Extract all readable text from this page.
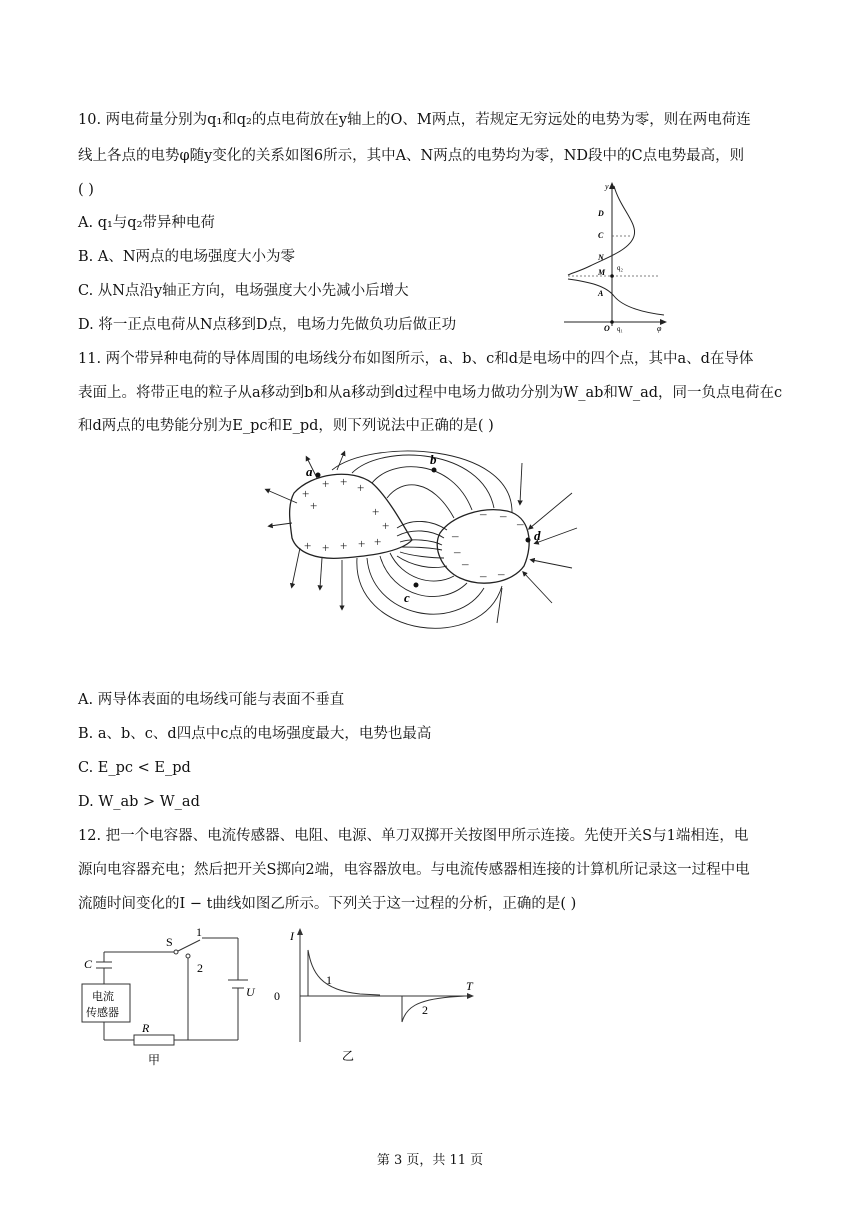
10. 两电荷量分别为q₁和q₂的点电荷放在y轴上的O、M两点，若规定无穷远处的电势为零，则在两电荷连
线上各点的电势φ随y变化的关系如图6所示，其中A、N两点的电势均为零，ND段中的C点电势最高，则
( )
A. q₁与q₂带异种电荷
B. A、N两点的电场强度大小为零
C. 从N点沿y轴正方向，电场强度大小先减小后增大
D. 将一正点电荷从N点移到D点，电场力先做负功后做正功
y
D
C
N
M q₂
A
O q₁	φ
11. 两个带异种电荷的导体周围的电场线分布如图所示，a、b、c和d是电场中的四个点，其中a、d在导体
表面上。将带正电的粒子从a移动到b和从a移动到d过程中电场力做功分别为W_ab和W_ad，同一负点电荷在c
和d两点的电势能分别为E_pc和E_pd，则下列说法中正确的是( )
+
+ + +
+	+
+
+ + + + +
– –
–
–
–
–
– –
a
b
c
d
A. 两导体表面的电场线可能与表面不垂直
B. a、b、c、d四点中c点的电场强度最大，电势也最高
C. E_pc < E_pd
D. W_ab > W_ad
12. 把一个电容器、电流传感器、电阻、电源、单刀双掷开关按图甲所示连接。先使开关S与1端相连，电
源向电容器充电；然后把开关S掷向2端，电容器放电。与电流传感器相连接的计算机所记录这一过程中电
流随时间变化的I − t曲线如图乙所示。下列关于这一过程的分析，正确的是( )
S
1
2
C
U
电流
传感器
R
甲
I
0
1
2
T
乙
第 3 页，共 11 页
